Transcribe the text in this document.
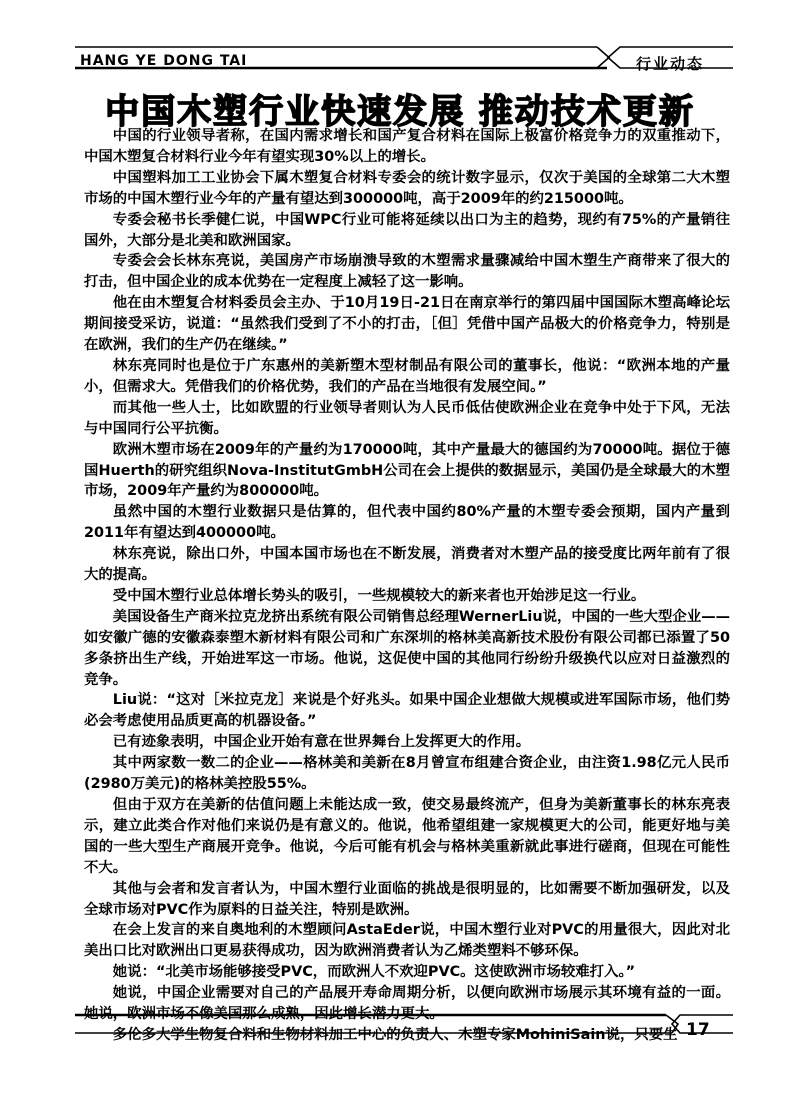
HANG YE DONG TAI	行业动态
中国木塑行业快速发展 推动技术更新

中国的行业领导者称，在国内需求增长和国产复合材料在国际上极富价格竞争力的双重推动下，中国木塑复合材料行业今年有望实现30%以上的增长。

中国塑料加工工业协会下属木塑复合材料专委会的统计数字显示，仅次于美国的全球第二大木塑市场的中国木塑行业今年的产量有望达到300000吨，高于2009年的约215000吨。

专委会秘书长季健仁说，中国WPC行业可能将延续以出口为主的趋势，现约有75%的产量销往国外，大部分是北美和欧洲国家。

专委会会长林东亮说，美国房产市场崩溃导致的木塑需求量骤减给中国木塑生产商带来了很大的打击，但中国企业的成本优势在一定程度上减轻了这一影响。

他在由木塑复合材料委员会主办、于10月19日-21日在南京举行的第四届中国国际木塑高峰论坛期间接受采访，说道：“虽然我们受到了不小的打击，［但］凭借中国产品极大的价格竞争力，特别是在欧洲，我们的生产仍在继续。”

林东亮同时也是位于广东惠州的美新塑木型材制品有限公司的董事长，他说：“欧洲本地的产量小，但需求大。凭借我们的价格优势，我们的产品在当地很有发展空间。”

而其他一些人士，比如欧盟的行业领导者则认为人民币低估使欧洲企业在竞争中处于下风，无法与中国同行公平抗衡。

欧洲木塑市场在2009年的产量约为170000吨，其中产量最大的德国约为70000吨。据位于德国Huerth的研究组织Nova-InstitutGmbH公司在会上提供的数据显示，美国仍是全球最大的木塑市场，2009年产量约为800000吨。

虽然中国的木塑行业数据只是估算的，但代表中国约80%产量的木塑专委会预期，国内产量到2011年有望达到400000吨。

林东亮说，除出口外，中国本国市场也在不断发展，消费者对木塑产品的接受度比两年前有了很大的提高。

受中国木塑行业总体增长势头的吸引，一些规模较大的新来者也开始涉足这一行业。

美国设备生产商米拉克龙挤出系统有限公司销售总经理WernerLiu说，中国的一些大型企业——如安徽广德的安徽森泰塑木新材料有限公司和广东深圳的格林美高新技术股份有限公司都已添置了50多条挤出生产线，开始进军这一市场。他说，这促使中国的其他同行纷纷升级换代以应对日益激烈的竞争。

Liu说：“这对［米拉克龙］来说是个好兆头。如果中国企业想做大规模或进军国际市场，他们势必会考虑使用品质更高的机器设备。”

已有迹象表明，中国企业开始有意在世界舞台上发挥更大的作用。

其中两家数一数二的企业——格林美和美新在8月曾宣布组建合资企业，由注资1.98亿元人民币(2980万美元)的格林美控股55%。

但由于双方在美新的估值问题上未能达成一致，使交易最终流产，但身为美新董事长的林东亮表示，建立此类合作对他们来说仍是有意义的。他说，他希望组建一家规模更大的公司，能更好地与美国的一些大型生产商展开竞争。他说，今后可能有机会与格林美重新就此事进行磋商，但现在可能性不大。

其他与会者和发言者认为，中国木塑行业面临的挑战是很明显的，比如需要不断加强研发，以及全球市场对PVC作为原料的日益关注，特别是欧洲。

在会上发言的来自奥地利的木塑顾问AstaEder说，中国木塑行业对PVC的用量很大，因此对北美出口比对欧洲出口更易获得成功，因为欧洲消费者认为乙烯类塑料不够环保。

她说：“北美市场能够接受PVC，而欧洲人不欢迎PVC。这使欧洲市场较难打入。”

她说，中国企业需要对自己的产品展开寿命周期分析，以便向欧洲市场展示其环境有益的一面。她说，欧洲市场不像美国那么成熟，因此增长潜力更大。

多伦多大学生物复合料和生物材料加工中心的负责人、木塑专家MohiniSain说，只要生 17
